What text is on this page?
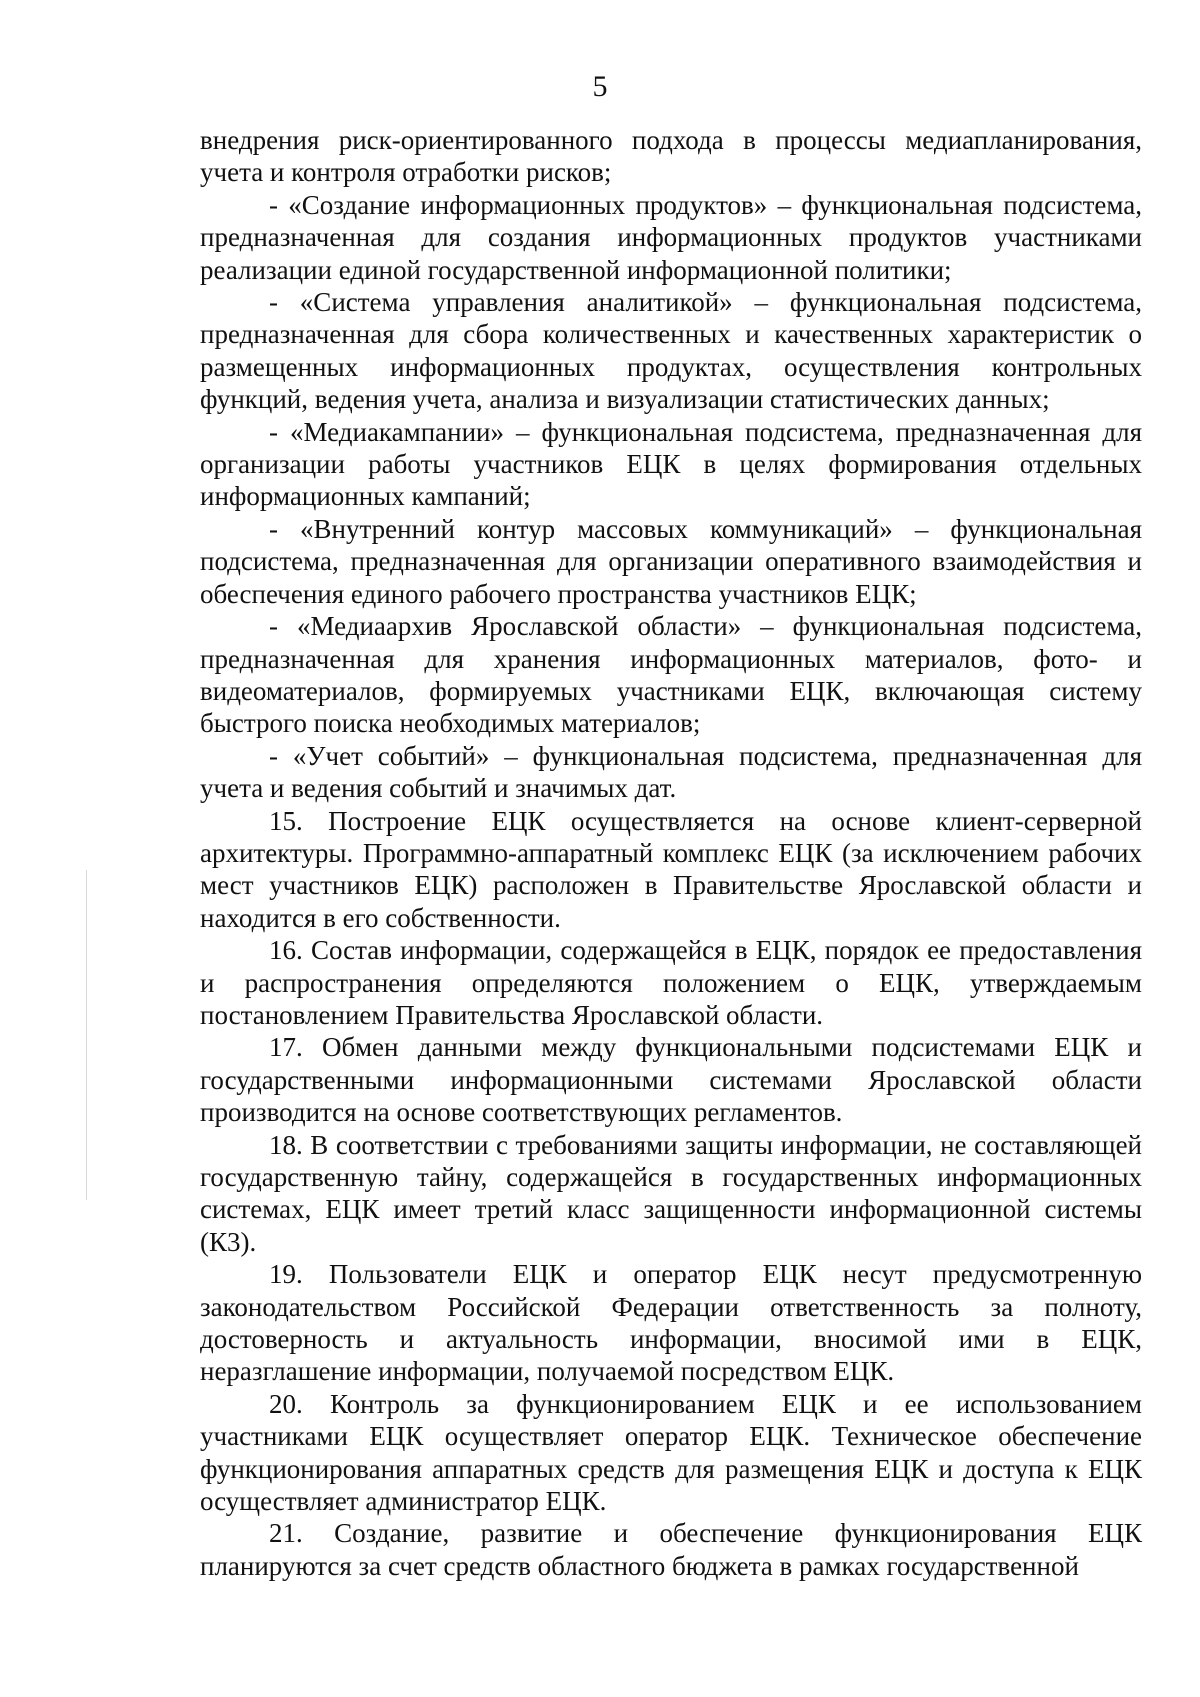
5

внедрения риск-ориентированного подхода в процессы медиапланирования, учета и контроля отработки рисков;

- «Создание информационных продуктов» – функциональная подсистема, предназначенная для создания информационных продуктов участниками реализации единой государственной информационной политики;

- «Система управления аналитикой» – функциональная подсистема, предназначенная для сбора количественных и качественных характеристик о размещенных информационных продуктах, осуществления контрольных функций, ведения учета, анализа и визуализации статистических данных;

- «Медиакампании» – функциональная подсистема, предназначенная для организации работы участников ЕЦК в целях формирования отдельных информационных кампаний;

- «Внутренний контур массовых коммуникаций» – функциональная подсистема, предназначенная для организации оперативного взаимодействия и обеспечения единого рабочего пространства участников ЕЦК;

- «Медиаархив Ярославской области» – функциональная подсистема, предназначенная для хранения информационных материалов, фото- и видеоматериалов, формируемых участниками ЕЦК, включающая систему быстрого поиска необходимых материалов;

- «Учет событий» – функциональная подсистема, предназначенная для учета и ведения событий и значимых дат.

15. Построение ЕЦК осуществляется на основе клиент-серверной архитектуры. Программно-аппаратный комплекс ЕЦК (за исключением рабочих мест участников ЕЦК) расположен в Правительстве Ярославской области и находится в его собственности.

16. Состав информации, содержащейся в ЕЦК, порядок ее предоставления и распространения определяются положением о ЕЦК, утверждаемым постановлением Правительства Ярославской области.

17. Обмен данными между функциональными подсистемами ЕЦК и государственными информационными системами Ярославской области производится на основе соответствующих регламентов.

18. В соответствии с требованиями защиты информации, не составляющей государственную тайну, содержащейся в государственных информационных системах, ЕЦК имеет третий класс защищенности информационной системы (К3).

19. Пользователи ЕЦК и оператор ЕЦК несут предусмотренную законодательством Российской Федерации ответственность за полноту, достоверность и актуальность информации, вносимой ими в ЕЦК, неразглашение информации, получаемой посредством ЕЦК.

20. Контроль за функционированием ЕЦК и ее использованием участниками ЕЦК осуществляет оператор ЕЦК. Техническое обеспечение функционирования аппаратных средств для размещения ЕЦК и доступа к ЕЦК осуществляет администратор ЕЦК.

21. Создание, развитие и обеспечение функционирования ЕЦК планируются за счет средств областного бюджета в рамках государственной
